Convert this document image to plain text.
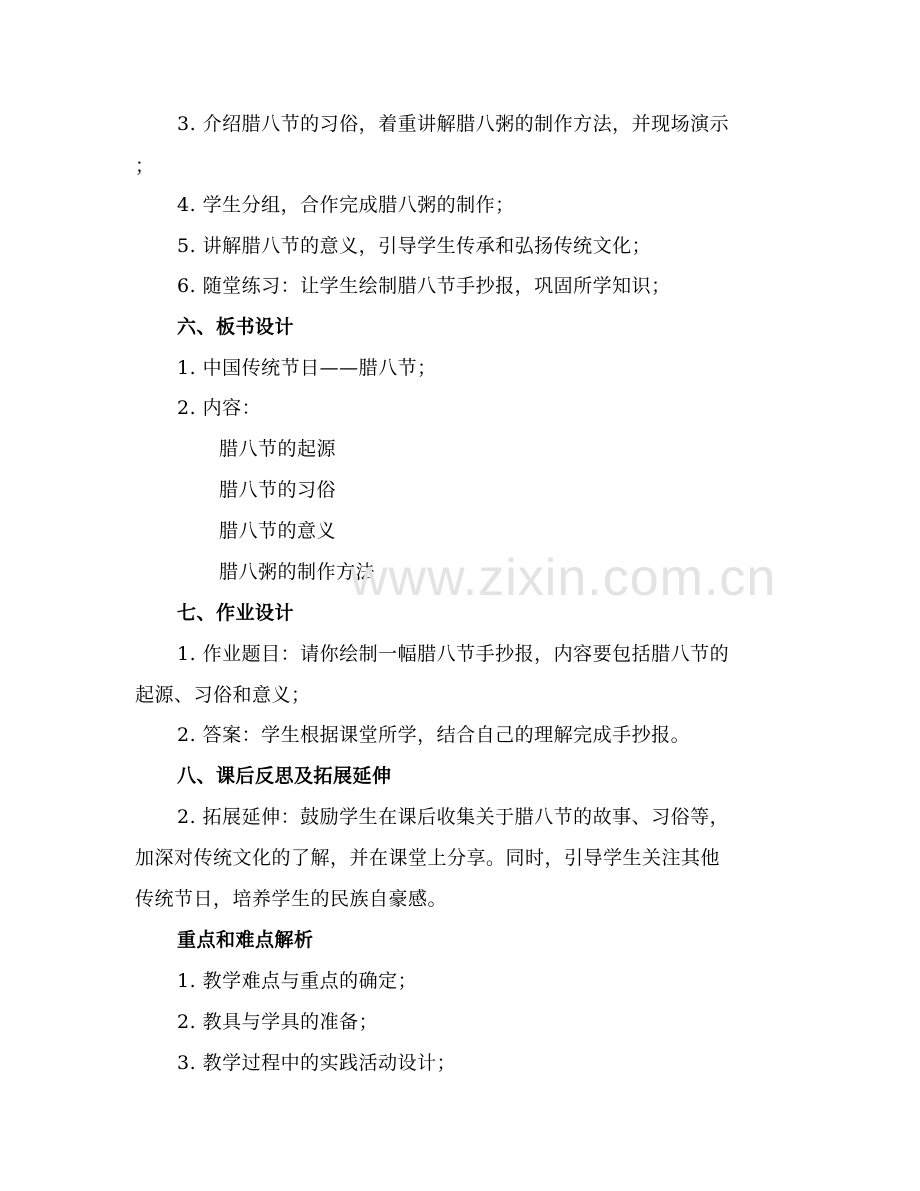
3. 介绍腊八节的习俗，着重讲解腊八粥的制作方法，并现场演示
；
4. 学生分组，合作完成腊八粥的制作；
5. 讲解腊八节的意义，引导学生传承和弘扬传统文化；
6. 随堂练习：让学生绘制腊八节手抄报，巩固所学知识；
六、板书设计
1. 中国传统节日——腊八节；
2. 内容：
腊八节的起源
腊八节的习俗
腊八节的意义
腊八粥的制作方法
七、作业设计
1. 作业题目：请你绘制一幅腊八节手抄报，内容要包括腊八节的
起源、习俗和意义；
2. 答案：学生根据课堂所学，结合自己的理解完成手抄报。
八、课后反思及拓展延伸
2. 拓展延伸：鼓励学生在课后收集关于腊八节的故事、习俗等，
加深对传统文化的了解，并在课堂上分享。同时，引导学生关注其他
传统节日，培养学生的民族自豪感。
重点和难点解析
1. 教学难点与重点的确定；
2. 教具与学具的准备；
3. 教学过程中的实践活动设计；
www.zixin.com.cn
